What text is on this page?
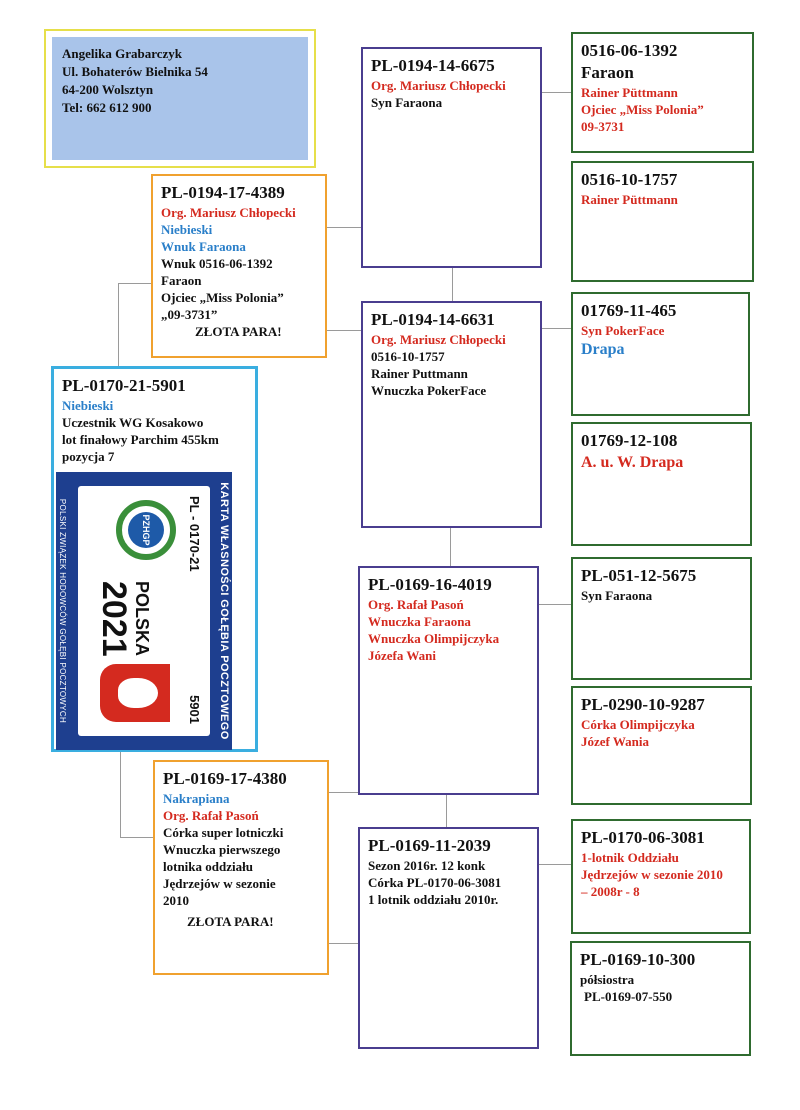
Angelika Grabarczyk
Ul. Bohaterów Bielnika 54
64-200 Wolsztyn
Tel: 662 612 900
PL-0194-17-4389
Org. Mariusz Chłopecki
Niebieski
Wnuk Faraona
Wnuk 0516-06-1392
Faraon
Ojciec „Miss Polonia”
„09-3731”
ZŁOTA PARA!
PL-0170-21-5901
Niebieski
Uczestnik WG Kosakowo
lot finałowy Parchim 455km
pozycja 7
KARTA WŁASNOŚCI GOŁĘBIA POCZTOWEGO
PL - 0170-21
5901
PZHGP
POLSKA
2021
POLSKI ZWIĄZEK HODOWCÓW GOŁĘBI POCZTOWYCH
PL-0169-17-4380
Nakrapiana
Org. Rafał Pasoń
Córka super lotniczki
Wnuczka pierwszego
lotnika oddziału
Jędrzejów w sezonie
2010
ZŁOTA PARA!
PL-0194-14-6675
Org. Mariusz Chłopecki
Syn Faraona
PL-0194-14-6631
Org. Mariusz Chłopecki
0516-10-1757
Rainer Puttmann
Wnuczka PokerFace
PL-0169-16-4019
Org. Rafał Pasoń
Wnuczka Faraona
Wnuczka Olimpijczyka
Józefa Wani
PL-0169-11-2039
Sezon 2016r. 12 konk
Córka PL-0170-06-3081
1 lotnik oddziału 2010r.
0516-06-1392
Faraon
Rainer Püttmann
Ojciec „Miss Polonia”
09-3731
0516-10-1757
Rainer Püttmann
01769-11-465
Syn PokerFace
Drapa
01769-12-108
A. u. W. Drapa
PL-051-12-5675
Syn Faraona
PL-0290-10-9287
Córka Olimpijczyka
Józef Wania
PL-0170-06-3081
1-lotnik Oddziału
Jędrzejów w sezonie 2010
– 2008r - 8
PL-0169-10-300
półsiostra
PL-0169-07-550
